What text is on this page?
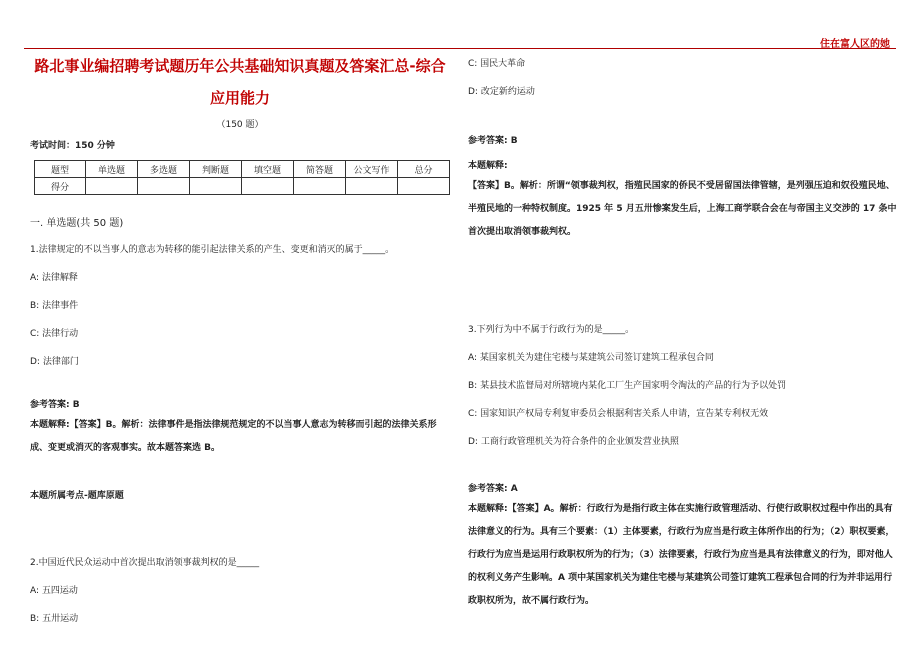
住在富人区的她
路北事业编招聘考试题历年公共基础知识真题及答案汇总-综合
应用能力
（150 题）
考试时间：150 分钟
题型	单选题	多选题	判断题	填空题	简答题	公文写作	总分
得分							
一. 单选题(共 50 题)
1.法律规定的不以当事人的意志为转移的能引起法律关系的产生、变更和消灭的属于_____。
A: 法律解释
B: 法律事件
C: 法律行动
D: 法律部门
参考答案: B
本题解释:【答案】B。解析：法律事件是指法律规范规定的不以当事人意志为转移而引起的法律关系形成、变更或消灭的客观事实。故本题答案选 B。
本题所属考点-题库原题
2.中国近代民众运动中首次提出取消领事裁判权的是_____
A: 五四运动
B: 五卅运动
C: 国民大革命
D: 改定新约运动
参考答案: B
本题解释:
【答案】B。解析：所谓“领事裁判权，指殖民国家的侨民不受居留国法律管辖，是列强压迫和奴役殖民地、半殖民地的一种特权制度。1925 年 5 月五卅惨案发生后，上海工商学联合会在与帝国主义交涉的 17 条中首次提出取消领事裁判权。
3.下列行为中不属于行政行为的是_____。
A: 某国家机关为建住宅楼与某建筑公司签订建筑工程承包合同
B: 某县技术监督局对所辖境内某化工厂生产国家明令淘汰的产品的行为予以处罚
C: 国家知识产权局专利复审委员会根据利害关系人申请，宣告某专利权无效
D: 工商行政管理机关为符合条件的企业颁发营业执照
参考答案: A
本题解释:【答案】A。解析：行政行为是指行政主体在实施行政管理活动、行使行政职权过程中作出的具有法律意义的行为。具有三个要素：（1）主体要素，行政行为应当是行政主体所作出的行为；（2）职权要素，行政行为应当是运用行政职权所为的行为；（3）法律要素，行政行为应当是具有法律意义的行为，即对他人的权利义务产生影响。A 项中某国家机关为建住宅楼与某建筑公司签订建筑工程承包合同的行为并非运用行政职权所为，故不属行政行为。
